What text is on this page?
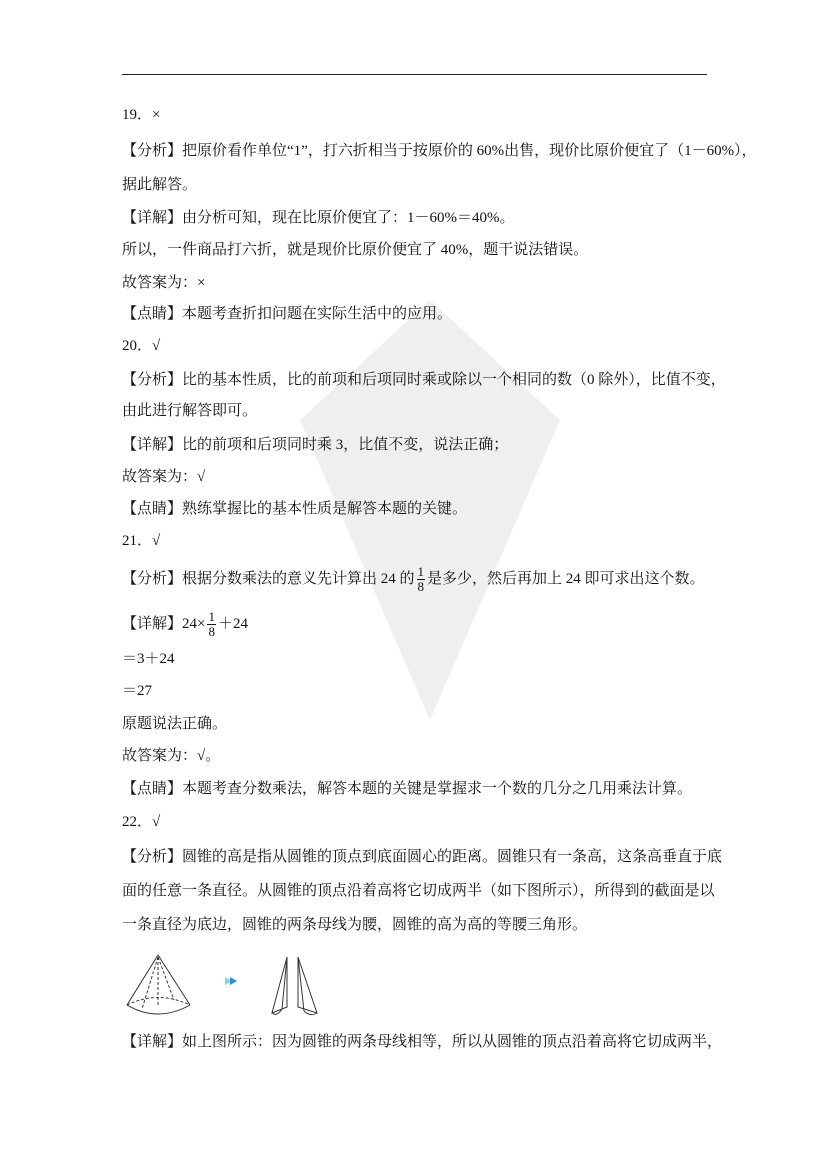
19．×
【分析】把原价看作单位“1”，打六折相当于按原价的 60%出售，现价比原价便宜了（1－60%），
据此解答。
【详解】由分析可知，现在比原价便宜了：1－60%＝40%。
所以，一件商品打六折，就是现价比原价便宜了 40%，题干说法错误。
故答案为：×
【点睛】本题考查折扣问题在实际生活中的应用。
20．√
【分析】比的基本性质，比的前项和后项同时乘或除以一个相同的数（0 除外），比值不变，
由此进行解答即可。
【详解】比的前项和后项同时乘 3，比值不变，说法正确；
故答案为：√
【点睛】熟练掌握比的基本性质是解答本题的关键。
21．√
【分析】根据分数乘法的意义先计算出 24 的 $\frac{1}{8}$ 是多少，然后再加上 24 即可求出这个数。
【详解】$24\times \frac{1}{8} +24$
＝3＋24
＝27
原题说法正确。
故答案为：√。
【点睛】本题考查分数乘法，解答本题的关键是掌握求一个数的几分之几用乘法计算。
22．√
【分析】圆锥的高是指从圆锥的顶点到底面圆心的距离。圆锥只有一条高，这条高垂直于底
面的任意一条直径。从圆锥的顶点沿着高将它切成两半（如下图所示），所得到的截面是以
一条直径为底边，圆锥的两条母线为腰，圆锥的高为高的等腰三角形。
【详解】如上图所示：因为圆锥的两条母线相等，所以从圆锥的顶点沿着高将它切成两半，
